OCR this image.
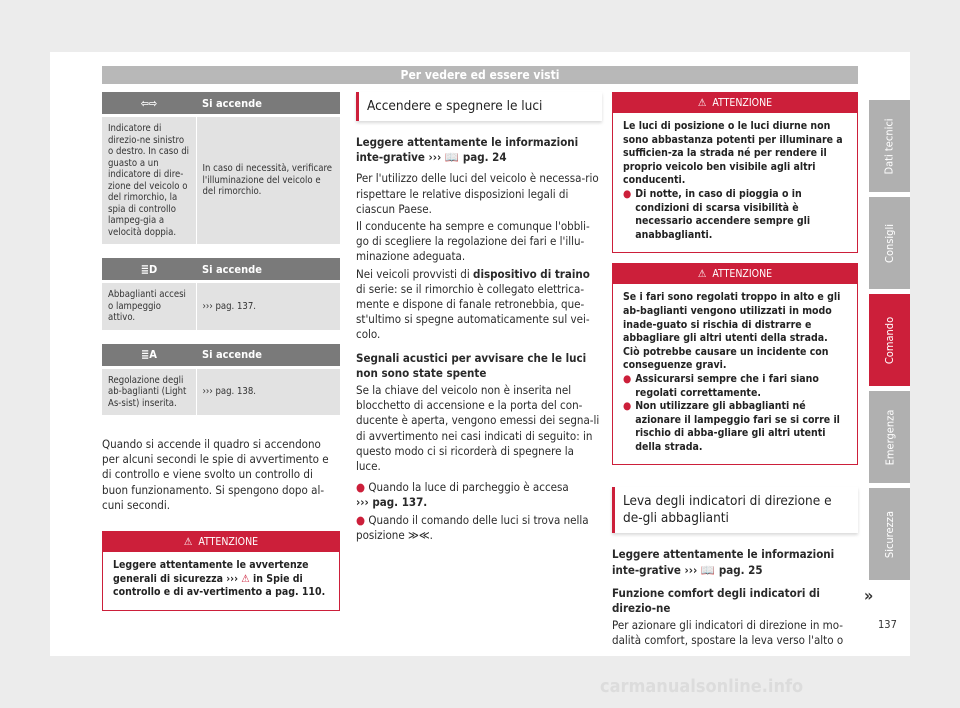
Per vedere ed essere visti
⇦⇨	Si accende

Indicatore di direzio-ne sinistro o destro. In caso di guasto a un indicatore di dire-zione del veicolo o del rimorchio, la spia di controllo lampeg-gia a velocità doppia.	In caso di necessità, verificare l'illuminazione del veicolo e del rimorchio.
≣D	Si accende

Abbaglianti accesi o lampeggio attivo.	››› pag. 137.
≣A	Si accende

Regolazione degli ab-baglianti (Light As-sist) inserita.	››› pag. 138.
Quando si accende il quadro si accendono per alcuni secondi le spie di avvertimento e di controllo e viene svolto un controllo di buon funzionamento. Si spengono dopo al-cuni secondi.
⚠ ATTENZIONE
Leggere attentamente le avvertenze generali di sicurezza ››› ⚠ in Spie di controllo e di av-vertimento a pag. 110.
Accendere e spegnere le luci

Leggere attentamente le informazioni inte-grative ››› 📖 pag. 24

Per l'utilizzo delle luci del veicolo è necessa-rio rispettare le relative disposizioni legali di ciascun Paese.

Il conducente ha sempre e comunque l'obbli-go di scegliere la regolazione dei fari e l'illu-minazione adeguata.

Nei veicoli provvisti di dispositivo di traino di serie: se il rimorchio è collegato elettrica-mente e dispone di fanale retronebbia, que-st'ultimo si spegne automaticamente sul vei-colo.

Segnali acustici per avvisare che le luci non sono state spente

Se la chiave del veicolo non è inserita nel blocchetto di accensione e la porta del con-ducente è aperta, vengono emessi dei segna-li di avvertimento nei casi indicati di seguito: in questo modo ci si ricorderà di spegnere la luce.

● Quando la luce di parcheggio è accesa
››› pag. 137.

● Quando il comando delle luci si trova nella posizione ≫≪.

⚠ ATTENZIONE

Le luci di posizione o le luci diurne non sono abbastanza potenti per illuminare a sufficien-za la strada né per rendere il proprio veicolo ben visibile agli altri conducenti.

● Di notte, in caso di pioggia o in condizioni di scarsa visibilità è necessario accendere sempre gli anabbaglianti.
⚠ ATTENZIONE

Se i fari sono regolati troppo in alto e gli ab-baglianti vengono utilizzati in modo inade-guato si rischia di distrarre e abbagliare gli altri utenti della strada. Ciò potrebbe causare un incidente con conseguenze gravi.

● Assicurarsi sempre che i fari siano regolati correttamente.
● Non utilizzare gli abbaglianti né azionare il lampeggio fari se si corre il rischio di abba-gliare gli altri utenti della strada.
Leva degli indicatori di direzione e de-gli abbaglianti

Leggere attentamente le informazioni inte-grative ››› 📖 pag. 25

Funzione comfort degli indicatori di direzio-ne

Per azionare gli indicatori di direzione in mo-dalità comfort, spostare la leva verso l'alto o

Dati tecnici
Consigli
Comando
Emergenza
Sicurezza
»
137
carmanualsonline.info
